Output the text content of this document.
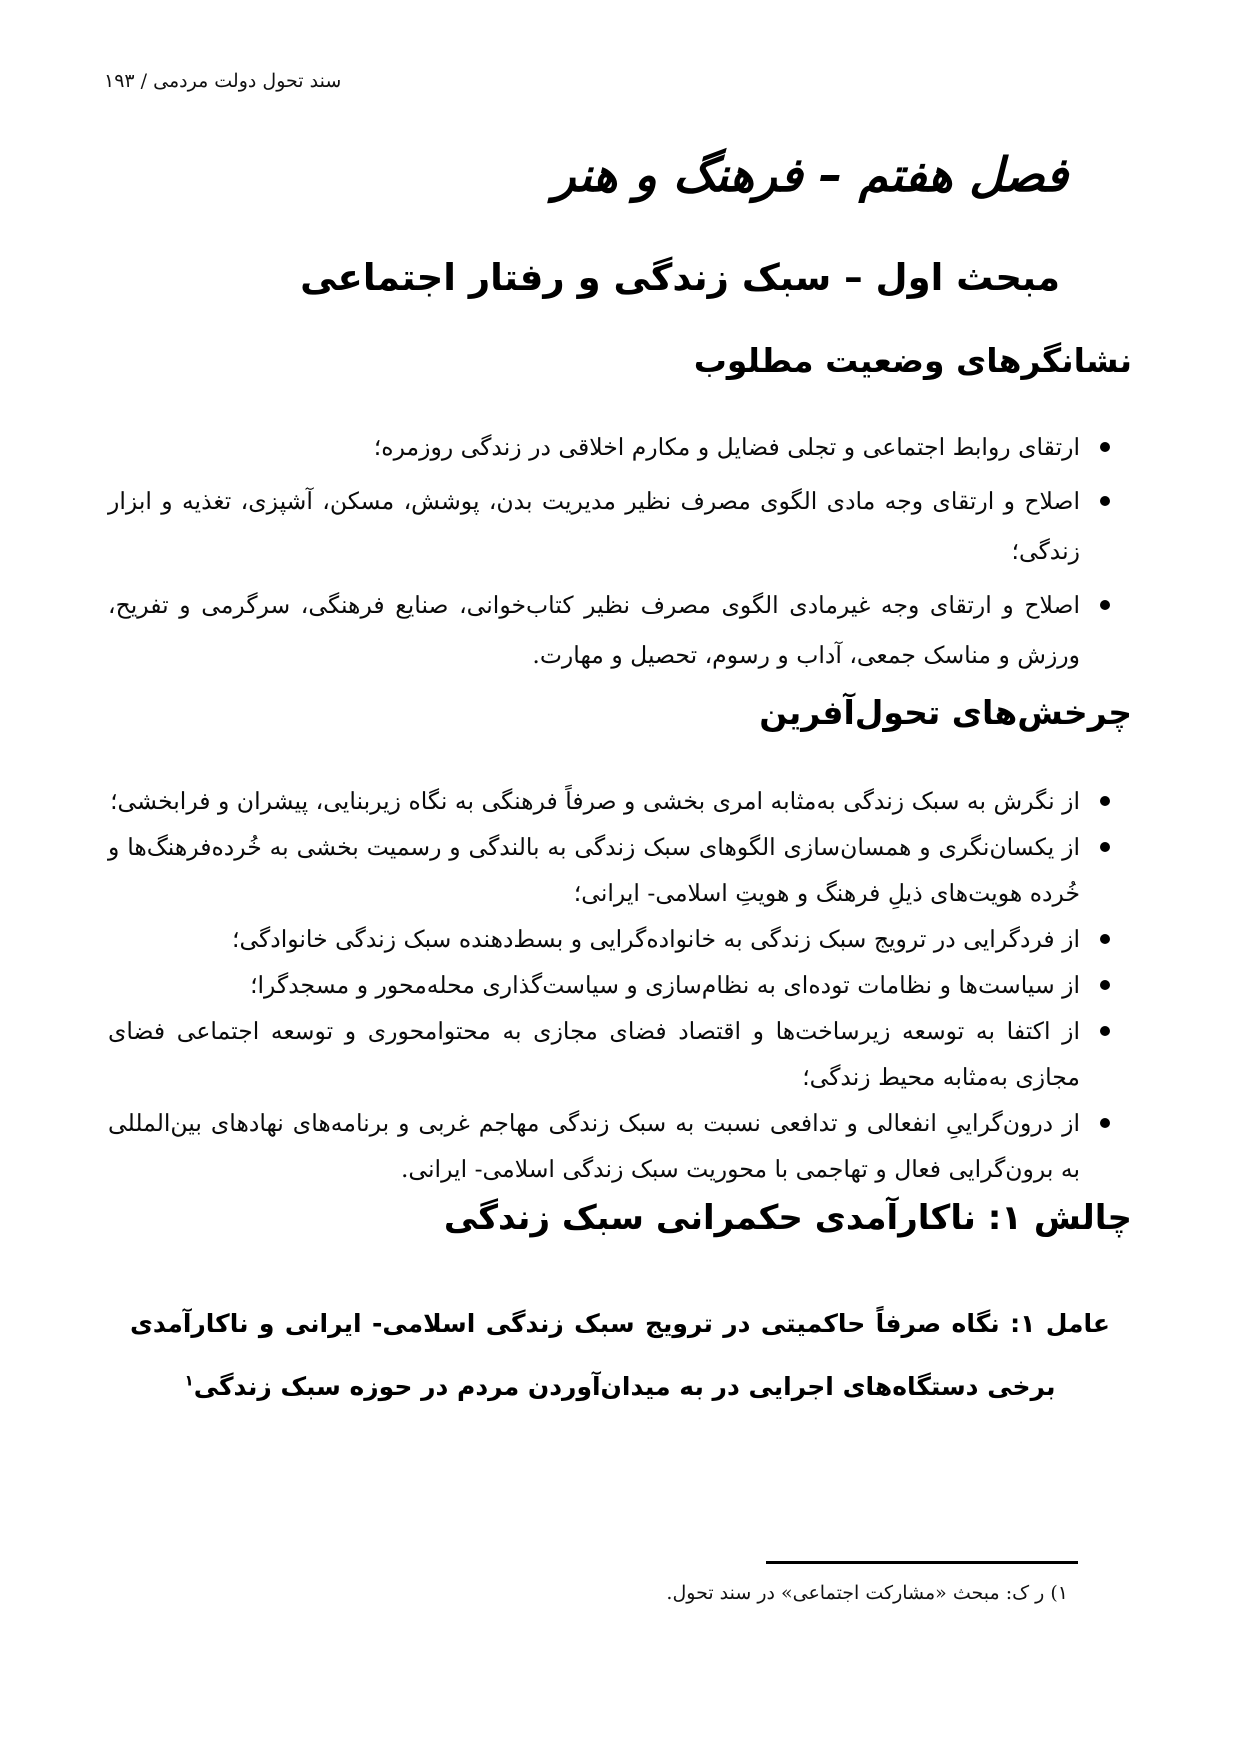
سند تحول دولت مردمی / ۱۹۳
فصل هفتم – فرهنگ و هنر
مبحث اول – سبک زندگی و رفتار اجتماعی
نشانگرهای وضعیت مطلوب
ارتقای روابط اجتماعی و تجلی فضایل و مکارم اخلاقی در زندگی روزمره؛
اصلاح و ارتقای وجه مادی الگوی مصرف نظیر مدیریت بدن، پوشش، مسکن، آشپزی، تغذیه و ابزار زندگی؛
اصلاح و ارتقای وجه غیرمادی الگوی مصرف نظیر کتاب‌خوانی، صنایع فرهنگی، سرگرمی و تفریح، ورزش و مناسک جمعی، آداب و رسوم، تحصیل و مهارت.
چرخش‌های تحول‌آفرین
از نگرش به سبک زندگی به‌مثابه امری بخشی و صرفاً فرهنگی به نگاه زیربنایی، پیشران و فرابخشی؛
از یکسان‌نگری و همسان‌سازی الگوهای سبک زندگی به بالندگی و رسمیت بخشی به خُرده‌فرهنگ‌ها و خُرده هویت‌های ذیلِ فرهنگ و هویتِ اسلامی- ایرانی؛
از فردگرایی در ترویج سبک زندگی به خانواده‌گرایی و بسط‌دهنده سبک زندگی خانوادگی؛
از سیاست‌ها و نظامات توده‌ای به نظام‌سازی و سیاست‌گذاری محله‌محور و مسجدگرا؛
از اکتفا به توسعه زیرساخت‌ها و اقتصاد فضای مجازی به محتوامحوری و توسعه اجتماعی فضای مجازی به‌مثابه محیط زندگی؛
از درون‌گراییِ انفعالی و تدافعی نسبت به سبک زندگی مهاجم غربی و برنامه‌های نهادهای بین‌المللی به برون‌گرایی فعال و تهاجمی با محوریت سبک زندگی اسلامی- ایرانی.
چالش ۱: ناکارآمدی حکمرانی سبک زندگی
عامل ۱: نگاه صرفاً حاکمیتی در ترویج سبک زندگی اسلامی- ایرانی و ناکارآمدی برخی دستگاه‌های اجرایی در به میدان‌آوردن مردم در حوزه سبک زندگی$^۱$
۱) ر ک: مبحث «مشارکت اجتماعی» در سند تحول.
